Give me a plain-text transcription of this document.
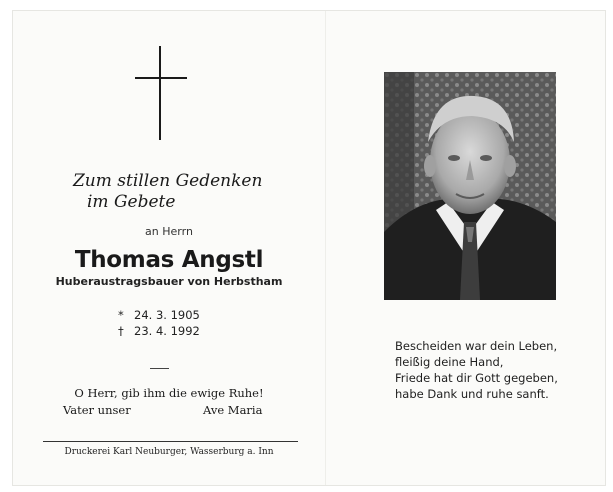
Zum stillen Gedenken
im Gebete
an Herrn
Thomas Angstl
Huberaustragsbauer von Herbstham
* 24. 3. 1905
† 23. 4. 1992
O Herr, gib ihm die ewige Ruhe!
Vater unser	Ave Maria
Druckerei Karl Neuburger, Wasserburg a. Inn
Bescheiden war dein Leben,
fleißig deine Hand,
Friede hat dir Gott gegeben,
habe Dank und ruhe sanft.
